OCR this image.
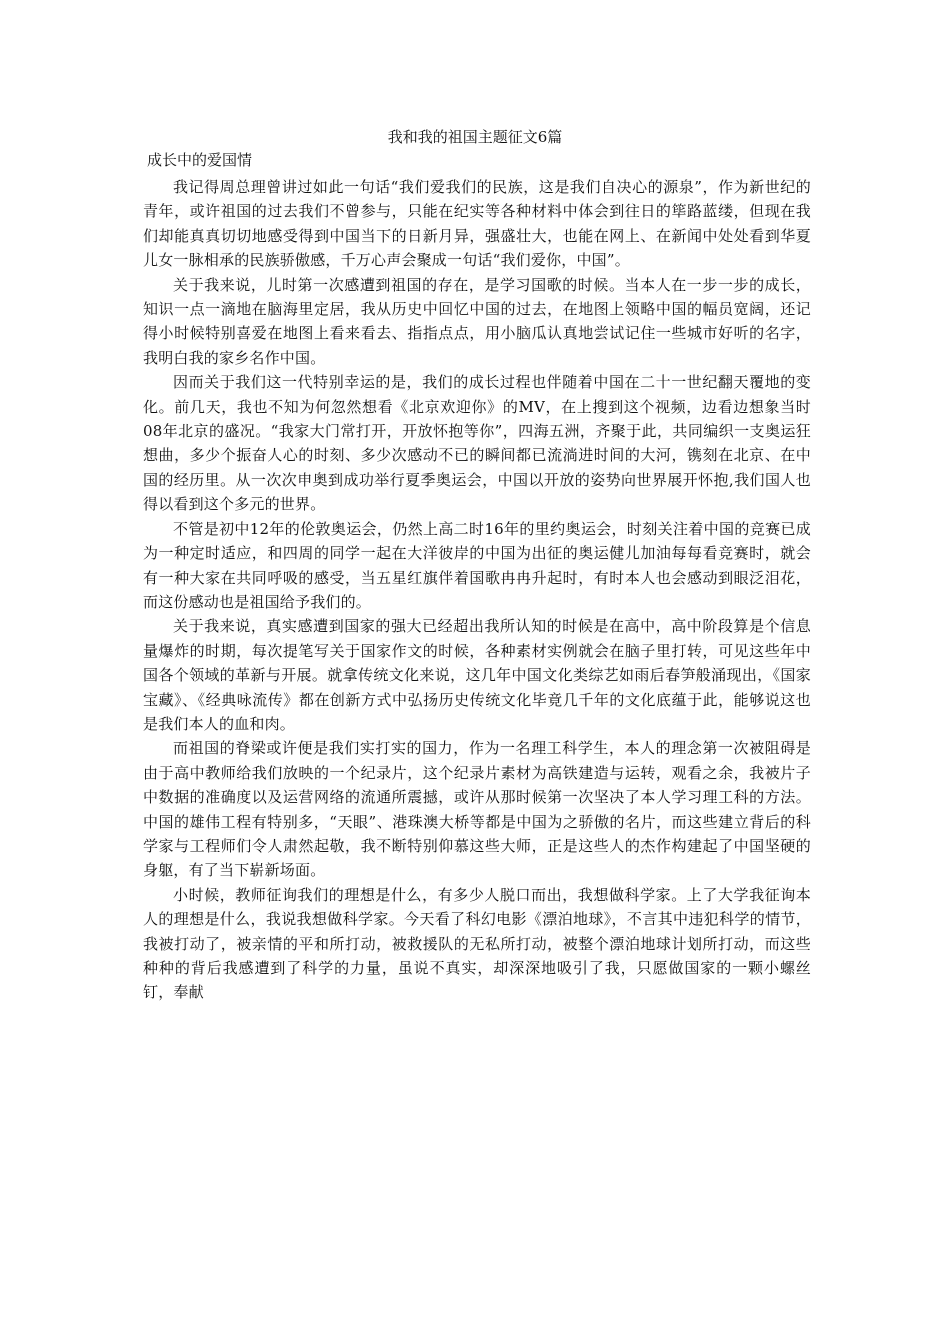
我和我的祖国主题征文6篇
成长中的爱国情

我记得周总理曾讲过如此一句话“我们爱我们的民族，这是我们自决心的源泉”，作为新世纪的青年，或许祖国的过去我们不曾参与，只能在纪实等各种材料中体会到往日的筚路蓝缕，但现在我们却能真真切切地感受得到中国当下的日新月异，强盛壮大，也能在网上、在新闻中处处看到华夏儿女一脉相承的民族骄傲感，千万心声会聚成一句话“我们爱你，中国”。

关于我来说，儿时第一次感遭到祖国的存在，是学习国歌的时候。当本人在一步一步的成长，知识一点一滴地在脑海里定居，我从历史中回忆中国的过去，在地图上领略中国的幅员宽阔，还记得小时候特别喜爱在地图上看来看去、指指点点，用小脑瓜认真地尝试记住一些城市好听的名字，我明白我的家乡名作中国。

因而关于我们这一代特别幸运的是，我们的成长过程也伴随着中国在二十一世纪翻天覆地的变化。前几天，我也不知为何忽然想看《北京欢迎你》的MV，在上搜到这个视频，边看边想象当时08年北京的盛况。“我家大门常打开，开放怀抱等你”，四海五洲，齐聚于此，共同编织一支奥运狂想曲，多少个振奋人心的时刻、多少次感动不已的瞬间都已流淌进时间的大河，镌刻在北京、在中国的经历里。从一次次申奥到成功举行夏季奥运会，中国以开放的姿势向世界展开怀抱,我们国人也得以看到这个多元的世界。

不管是初中12年的伦敦奥运会，仍然上高二时16年的里约奥运会，时刻关注着中国的竞赛已成为一种定时适应，和四周的同学一起在大洋彼岸的中国为出征的奥运健儿加油每每看竞赛时，就会有一种大家在共同呼吸的感受，当五星红旗伴着国歌冉冉升起时，有时本人也会感动到眼泛泪花，而这份感动也是祖国给予我们的。

关于我来说，真实感遭到国家的强大已经超出我所认知的时候是在高中，高中阶段算是个信息量爆炸的时期，每次提笔写关于国家作文的时候，各种素材实例就会在脑子里打转，可见这些年中国各个领域的革新与开展。就拿传统文化来说，这几年中国文化类综艺如雨后春笋般涌现出，《国家宝藏》、《经典咏流传》都在创新方式中弘扬历史传统文化毕竟几千年的文化底蕴于此，能够说这也是我们本人的血和肉。

而祖国的脊梁或许便是我们实打实的国力，作为一名理工科学生，本人的理念第一次被阻碍是由于高中教师给我们放映的一个纪录片，这个纪录片素材为高铁建造与运转，观看之余，我被片子中数据的准确度以及运营网络的流通所震撼，或许从那时候第一次坚决了本人学习理工科的方法。中国的雄伟工程有特别多，“天眼”、港珠澳大桥等都是中国为之骄傲的名片，而这些建立背后的科学家与工程师们令人肃然起敬，我不断特别仰慕这些大师，正是这些人的杰作构建起了中国坚硬的身躯，有了当下崭新场面。

小时候，教师征询我们的理想是什么，有多少人脱口而出，我想做科学家。上了大学我征询本人的理想是什么，我说我想做科学家。今天看了科幻电影《漂泊地球》，不言其中违犯科学的情节，我被打动了，被亲情的平和所打动，被救援队的无私所打动，被整个漂泊地球计划所打动，而这些种种的背后我感遭到了科学的力量，虽说不真实，却深深地吸引了我，只愿做国家的一颗小螺丝钉，奉献
